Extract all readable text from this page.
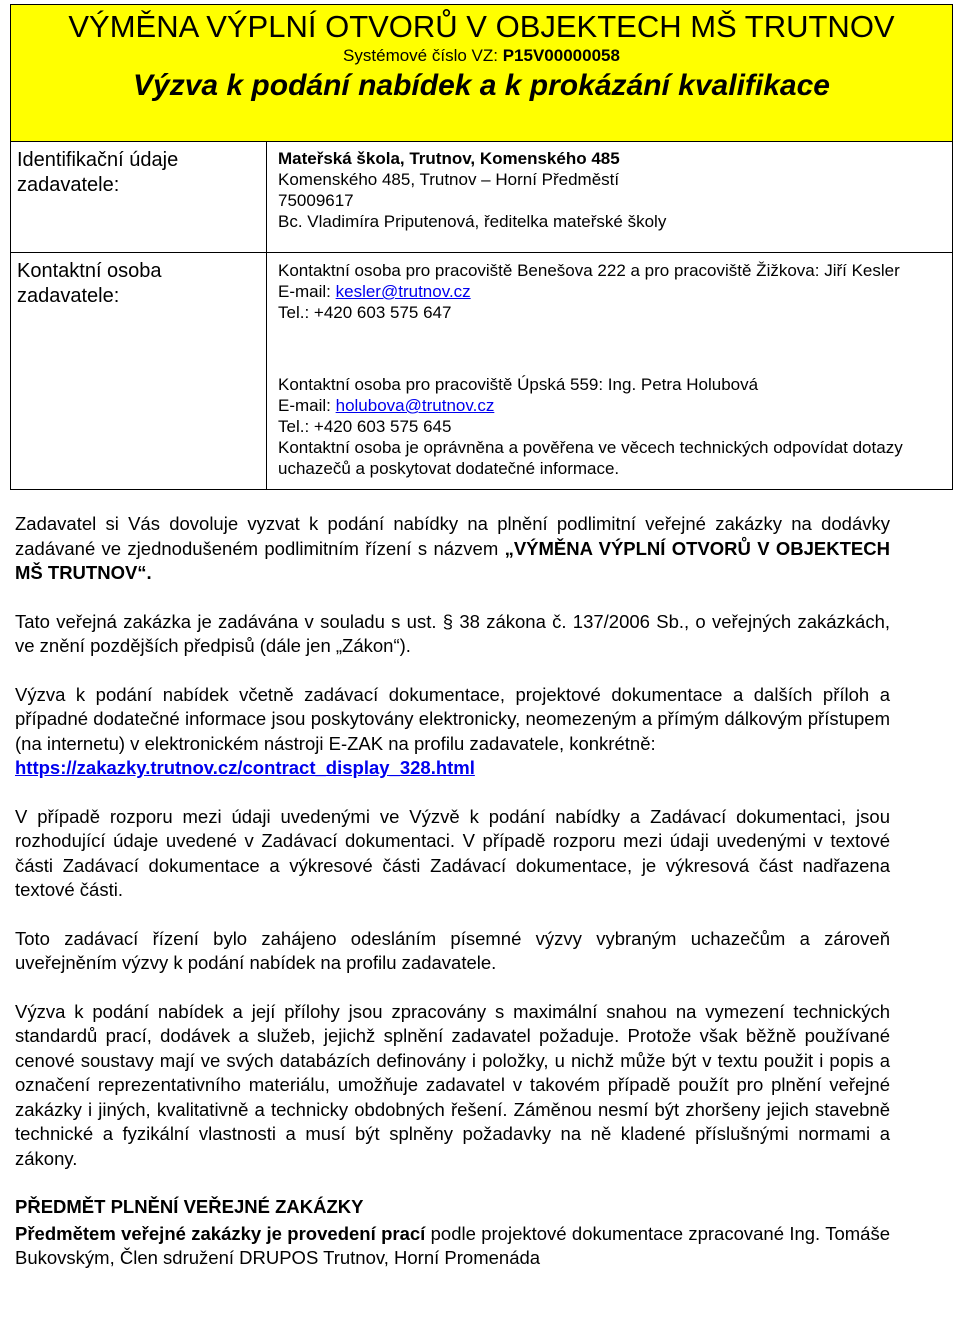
VÝMĚNA VÝPLNÍ OTVORŮ V OBJEKTECH MŠ TRUTNOV
Systémové číslo VZ: P15V00000058
Výzva k podání nabídek a k prokázání kvalifikace
Identifikační údaje zadavatele:
Mateřská škola, Trutnov, Komenského 485
Komenského 485, Trutnov – Horní Předměstí
75009617
Bc. Vladimíra Priputenová, ředitelka mateřské školy
Kontaktní osoba zadavatele:
Kontaktní osoba pro pracoviště Benešova 222 a pro pracoviště Žižkova: Jiří Kesler
E-mail: kesler@trutnov.cz
Tel.: +420 603 575 647
Kontaktní osoba pro pracoviště Úpská 559: Ing. Petra Holubová
E-mail: holubova@trutnov.cz
Tel.: +420 603 575 645
Kontaktní osoba je oprávněna a pověřena ve věcech technických odpovídat dotazy uchazečů a poskytovat dodatečné informace.

Zadavatel si Vás dovoluje vyzvat k podání nabídky na plnění podlimitní veřejné zakázky na dodávky zadávané ve zjednodušeném podlimitním řízení s názvem „VÝMĚNA VÝPLNÍ OTVORŮ V OBJEKTECH MŠ TRUTNOV“.

Tato veřejná zakázka je zadávána v souladu s ust. § 38 zákona č. 137/2006 Sb., o veřejných zakázkách, ve znění pozdějších předpisů (dále jen „Zákon“).

Výzva k podání nabídek včetně zadávací dokumentace, projektové dokumentace a dalších příloh a případné dodatečné informace jsou poskytovány elektronicky, neomezeným a přímým dálkovým přístupem (na internetu) v elektronickém nástroji E-ZAK na profilu zadavatele, konkrétně:
https://zakazky.trutnov.cz/contract_display_328.html

V případě rozporu mezi údaji uvedenými ve Výzvě k podání nabídky a Zadávací dokumentaci, jsou rozhodující údaje uvedené v Zadávací dokumentaci. V případě rozporu mezi údaji uvedenými v textové části Zadávací dokumentace a výkresové části Zadávací dokumentace, je výkresová část nadřazena textové části.

Toto zadávací řízení bylo zahájeno odesláním písemné výzvy vybraným uchazečům a zároveň uveřejněním výzvy k podání nabídek na profilu zadavatele.

Výzva k podání nabídek a její přílohy jsou zpracovány s maximální snahou na vymezení technických standardů prací, dodávek a služeb, jejichž splnění zadavatel požaduje. Protože však běžně používané cenové soustavy mají ve svých databázích definovány i položky, u nichž může být v textu použit i popis a označení reprezentativního materiálu, umožňuje zadavatel v takovém případě použít pro plnění veřejné zakázky i jiných, kvalitativně a technicky obdobných řešení. Záměnou nesmí být zhoršeny jejich stavebně technické a fyzikální vlastnosti a musí být splněny požadavky na ně kladené příslušnými normami a zákony.

PŘEDMĚT PLNĚNÍ VEŘEJNÉ ZAKÁZKY

Předmětem veřejné zakázky je provedení prací podle projektové dokumentace zpracované Ing. Tomáše Bukovským, Člen sdružení DRUPOS Trutnov, Horní Promenáda
